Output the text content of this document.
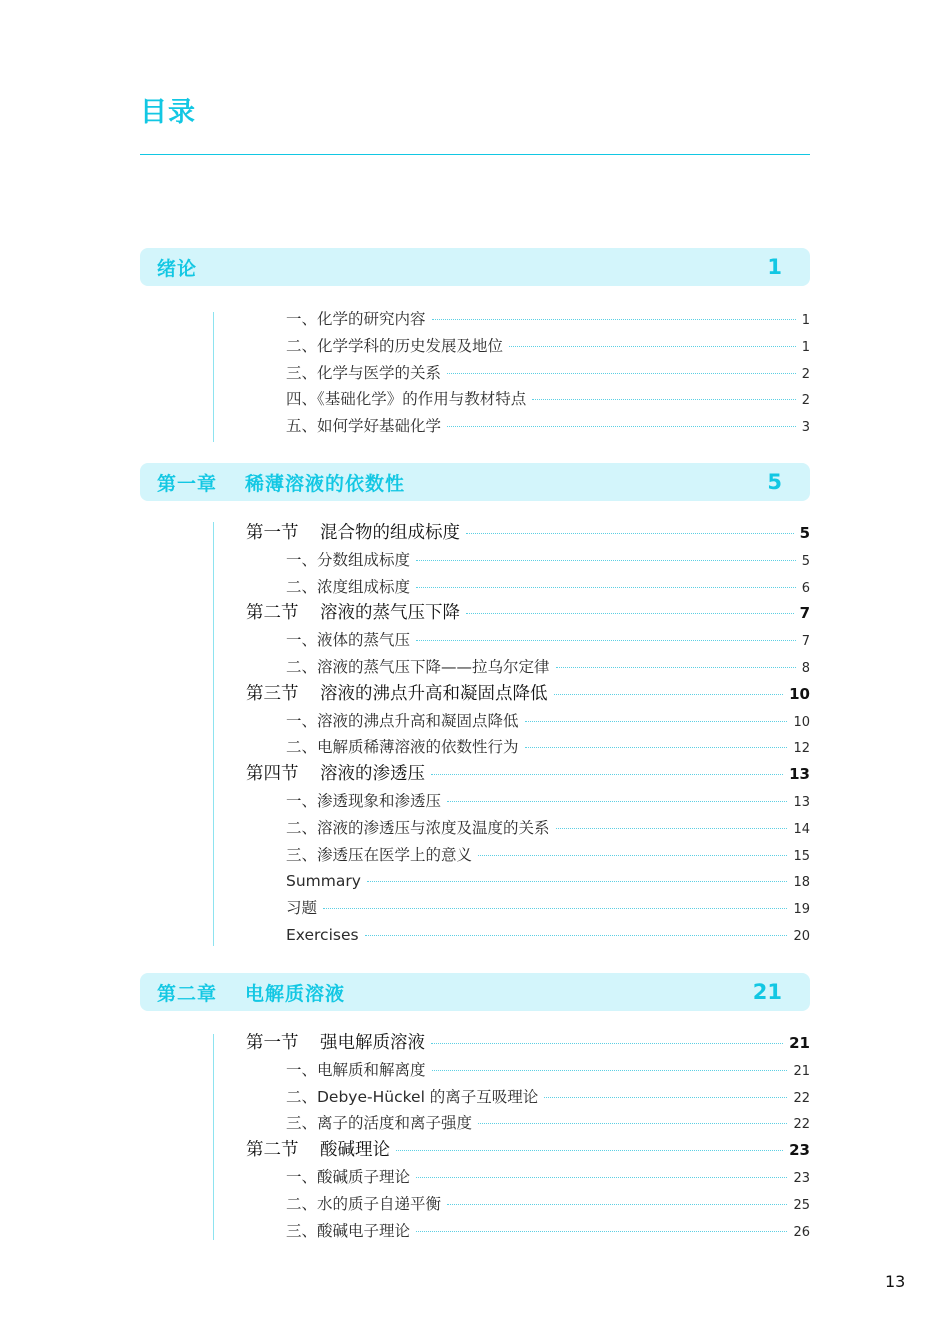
目录
绪论	1
一、化学的研究内容	1
二、化学学科的历史发展及地位	1
三、化学与医学的关系	2
四、《基础化学》的作用与教材特点	2
五、如何学好基础化学	3
第一章	稀薄溶液的依数性	5
第一节 混合物的组成标度	5
一、分数组成标度	5
二、浓度组成标度	6
第二节 溶液的蒸气压下降	7
一、液体的蒸气压	7
二、溶液的蒸气压下降——拉乌尔定律	8
第三节 溶液的沸点升高和凝固点降低	10
一、溶液的沸点升高和凝固点降低	10
二、电解质稀薄溶液的依数性行为	12
第四节 溶液的渗透压	13
一、渗透现象和渗透压	13
二、溶液的渗透压与浓度及温度的关系	14
三、渗透压在医学上的意义	15
Summary	18
习题	19
Exercises	20
第二章	电解质溶液	21
第一节 强电解质溶液	21
一、电解质和解离度	21
二、Debye-Hückel 的离子互吸理论	22
三、离子的活度和离子强度	22
第二节 酸碱理论	23
一、酸碱质子理论	23
二、水的质子自递平衡	25
三、酸碱电子理论	26
13
